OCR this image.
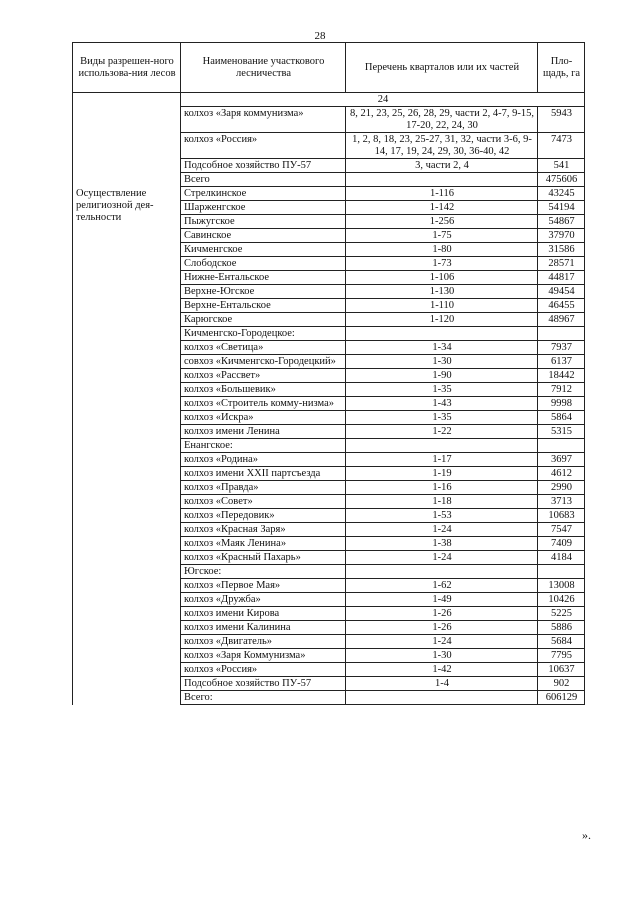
28
Виды разрешен-ного использова-ния лесов	Наименование участкового лесничества	Перечень кварталов или их частей	Пло-щадь, га
	24		
	колхоз «Заря коммунизма»	8, 21, 23, 25, 26, 28, 29, части 2, 4-7, 9-15, 17-20, 22, 24, 30	5943
	колхоз «Россия»	1, 2, 8, 18, 23, 25-27, 31, 32, части 3-6, 9-14, 17, 19, 24, 29, 30, 36-40, 42	7473
	Подсобное хозяйство ПУ-57	3, части 2, 4	541
	Всего		475606
Осуществление религиозной дея-тельности	Стрелкинское	1-116	43245
	Шарженгское	1-142	54194
	Пыжугское	1-256	54867
	Савинское	1-75	37970
	Кичменгское	1-80	31586
	Слободское	1-73	28571
	Нижне-Ентальское	1-106	44817
	Верхне-Югское	1-130	49454
	Верхне-Ентальское	1-110	46455
	Карюгское	1-120	48967
	Кичменгско-Городецкое:		
	колхоз «Светица»	1-34	7937
	совхоз «Кичменгско-Городецкий»	1-30	6137
	колхоз «Рассвет»	1-90	18442
	колхоз «Большевик»	1-35	7912
	колхоз «Строитель комму-низма»	1-43	9998
	колхоз «Искра»	1-35	5864
	колхоз имени Ленина	1-22	5315
	Енангское:		
	колхоз «Родина»	1-17	3697
	колхоз имени XXII партсъезда	1-19	4612
	колхоз «Правда»	1-16	2990
	колхоз «Совет»	1-18	3713
	колхоз «Передовик»	1-53	10683
	колхоз «Красная Заря»	1-24	7547
	колхоз «Маяк Ленина»	1-38	7409
	колхоз «Красный Пахарь»	1-24	4184
	Югское:		
	колхоз «Первое Мая»	1-62	13008
	колхоз «Дружба»	1-49	10426
	колхоз имени Кирова	1-26	5225
	колхоз имени Калинина	1-26	5886
	колхоз «Двигатель»	1-24	5684
	колхоз «Заря Коммунизма»	1-30	7795
	колхоз «Россия»	1-42	10637
	Подсобное хозяйство ПУ-57	1-4	902
	Всего:		606129
».
